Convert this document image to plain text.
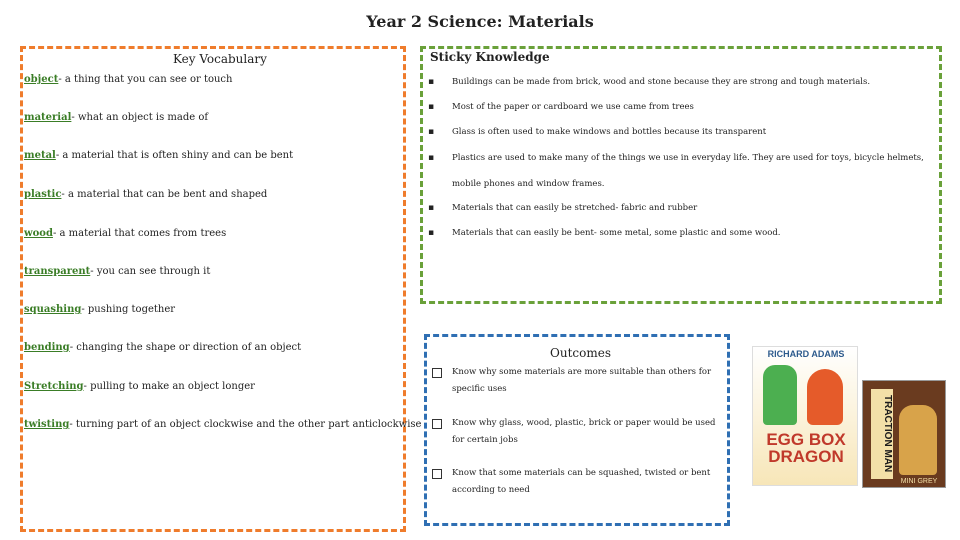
Year 2 Science: Materials
Key Vocabulary
object- a thing that you can see or touch
material- what an object is made of
metal- a material that is often shiny and can be bent
plastic- a material that can be bent and shaped
wood- a material that comes from trees
transparent- you can see through it
squashing- pushing together
bending- changing the shape or direction of an object
Stretching- pulling to make an object longer
twisting- turning part of an object clockwise and the other part anticlockwise
Sticky Knowledge
▪ Buildings can be made from brick, wood and stone because they are strong and tough materials.
▪ Most of the paper or cardboard we use came from trees
▪ Glass is often used to make windows and bottles because its transparent
▪ Plastics are used to make many of the things we use in everyday life. They are used for toys, bicycle helmets, mobile phones and window frames.
▪ Materials that can easily be stretched- fabric and rubber
▪ Materials that can easily be bent- some metal, some plastic and some wood.
Outcomes
Know why some materials are more suitable than others for specific uses
Know why glass, wood, plastic, brick or paper would be used for certain jobs
Know that some materials can be squashed, twisted or bent according to need
RICHARD ADAMS
EGG BOX DRAGON	TRACTION MAN
MINI GREY
